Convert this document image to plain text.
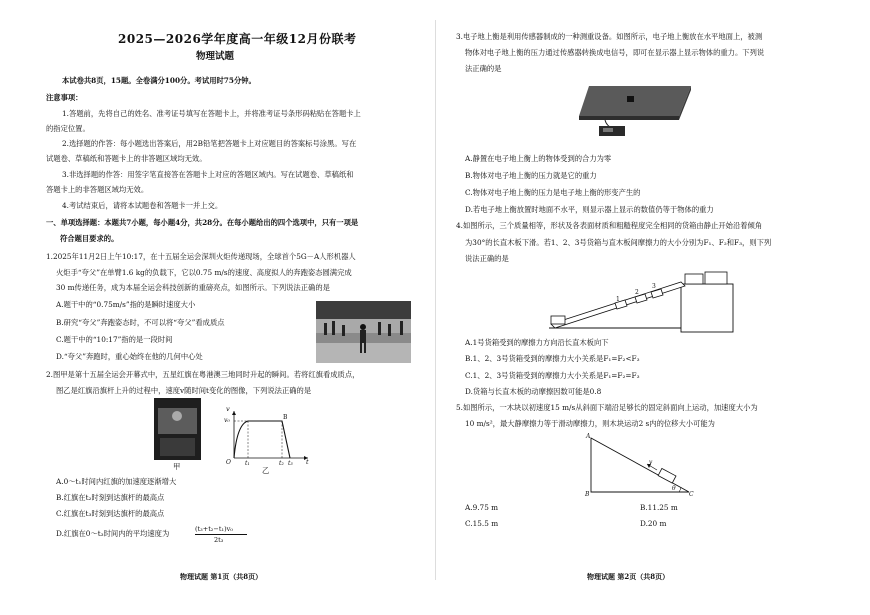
2025—2026学年度高一年级12月份联考
物理试题
本试卷共8页，15题。全卷满分100分。考试用时75分钟。
注意事项：
1.答题前，先将自己的姓名、准考证号填写在答题卡上，并将准考证号条形码粘贴在答题卡上
的指定位置。
2.选择题的作答：每小题选出答案后，用2B铅笔把答题卡上对应题目的答案标号涂黑。写在
试题卷、草稿纸和答题卡上的非答题区域均无效。
3.非选择题的作答：用签字笔直接答在答题卡上对应的答题区域内。写在试题卷、草稿纸和
答题卡上的非答题区域均无效。
4.考试结束后，请将本试题卷和答题卡一并上交。
一、单项选择题：本题共7小题，每小题4分，共28分。在每小题给出的四个选项中，只有一项是
符合题目要求的。
1.2025年11月2日上午10:17，在十五届全运会深圳火炬传递现场，全球首个5G－A人形机器人
火炬手“夸父”在单臂1.6 kg的负载下，它以0.75 m/s的速度、高度拟人的奔跑姿态圆满完成
30 m传递任务，成为本届全运会科技创新的重磅亮点，如图所示。下列说法正确的是
A.题干中的“0.75m/s”指的是瞬时速度大小
B.研究“夸父”奔跑姿态时，不可以将“夸父”看成质点
C.题干中的“10:17”指的是一段时间
D.“夸父”奔跑时，重心始终在他的几何中心处
2.图甲是第十五届全运会开幕式中，五星红旗在粤港澳三地同时升起的瞬间。若将红旗看成质点，
图乙是红旗沿旗杆上升的过程中，速度v随时间t变化的图像，下列说法正确的是
甲
v
v₀	B
O t₁	t₂ t₃ t
乙
A.0～t₁时间内红旗的加速度逐渐增大
B.红旗在t₂时刻到达旗杆的最高点
C.红旗在t₃时刻到达旗杆的最高点
D.红旗在0～t₃时间内的平均速度为	(t₃+t₂−t₁)v₀
2t₃
物理试题 第1页（共8页）
3.电子地上衡是利用传感器制成的一种测重设备。如图所示，电子地上衡放在水平地面上，被测
物体对电子地上衡的压力通过传感器转换成电信号，即可在显示器上显示物体的重力。下列说
法正确的是
A.静置在电子地上衡上的物体受到的合力为零
B.物体对电子地上衡的压力就是它的重力
C.物体对电子地上衡的压力是电子地上衡的形变产生的
D.若电子地上衡放置时地面不水平，则显示器上显示的数值仍等于物体的重力
4.如图所示，三个质量相等，形状及各表面材质和粗糙程度完全相同的货箱由静止开始沿着倾角
为30°的长直木板下滑。若1、2、3号货箱与直木板间摩擦力的大小分别为F₁、F₂和F₃，则下列
说法正确的是
1
2
3
A.1号货箱受到的摩擦力方向沿长直木板向下
B.1、2、3号货箱受到的摩擦力大小关系是F₁=F₂<F₃
C.1、2、3号货箱受到的摩擦力大小关系是F₁=F₂=F₃
D.货箱与长直木板的动摩擦因数可能是0.8
5.如图所示，一木块以初速度15 m/s从斜面下端沿足够长的固定斜面向上运动，加速度大小为
10 m/s²，最大静摩擦力等于滑动摩擦力，则木块运动2 s内的位移大小可能为
A
B	C
v
θ
A.9.75 m	B.11.25 m
C.15.5 m	D.20 m
物理试题 第2页（共8页）
